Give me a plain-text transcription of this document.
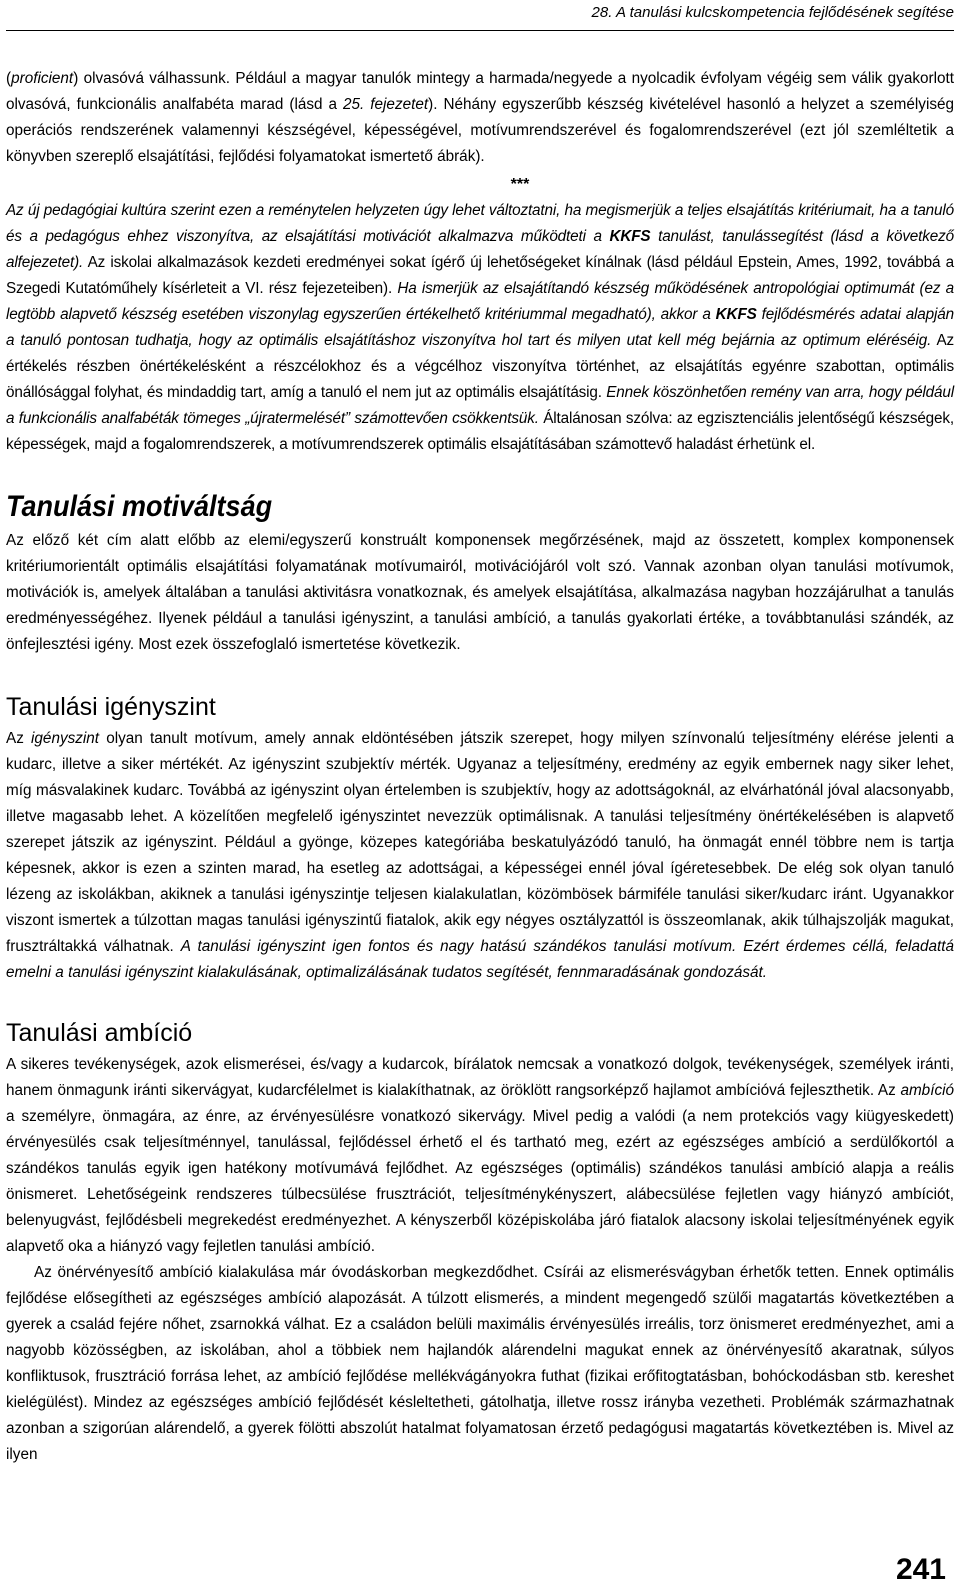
28. A tanulási kulcskompetencia fejlődésének segítése

(proficient) olvasóvá válhassunk. Például a magyar tanulók mintegy a harmada/negyede a nyolcadik évfolyam végéig sem válik gyakorlott olvasóvá, funkcionális analfabéta marad (lásd a 25. fejezetet). Néhány egyszerűbb készség kivételével hasonló a helyzet a személyiség operációs rendszerének valamennyi készségével, képességével, motívumrendszerével és fogalomrendszerével (ezt jól szemléltetik a könyvben szereplő elsajátítási, fejlődési folyamatokat ismertető ábrák).

***

Az új pedagógiai kultúra szerint ezen a reménytelen helyzeten úgy lehet változtatni, ha megismerjük a teljes elsajátítás kritériumait, ha a tanuló és a pedagógus ehhez viszonyítva, az elsajátítási motivációt alkalmazva működteti a KKFS tanulást, tanulássegítést (lásd a következő alfejezetet). Az iskolai alkalmazások kezdeti eredményei sokat ígérő új lehetőségeket kínálnak (lásd például Epstein, Ames, 1992, továbbá a Szegedi Kutatóműhely kísérleteit a VI. rész fejezeteiben). Ha ismerjük az elsajátítandó készség működésének antropológiai optimumát (ez a legtöbb alapvető készség esetében viszonylag egyszerűen értékelhető kritériummal megadható), akkor a KKFS fejlődésmérés adatai alapján a tanuló pontosan tudhatja, hogy az optimális elsajátításhoz viszonyítva hol tart és milyen utat kell még bejárnia az optimum eléréséig. Az értékelés részben önértékelésként a részcélokhoz és a végcélhoz viszonyítva történhet, az elsajátítás egyénre szabottan, optimális önállósággal folyhat, és mindaddig tart, amíg a tanuló el nem jut az optimális elsajátításig. Ennek köszönhetően remény van arra, hogy például a funkcionális analfabéták tömeges „újratermelését” számottevően csökkentsük. Általánosan szólva: az egzisztenciális jelentőségű készségek, képességek, majd a fogalomrendszerek, a motívumrendszerek optimális elsajátításában számottevő haladást érhetünk el.

Tanulási motiváltság

Az előző két cím alatt előbb az elemi/egyszerű konstruált komponensek megőrzésének, majd az összetett, komplex komponensek kritériumorientált optimális elsajátítási folyamatának motívumairól, motivációjáról volt szó. Vannak azonban olyan tanulási motívumok, motivációk is, amelyek általában a tanulási aktivitásra vonatkoznak, és amelyek elsajátítása, alkalmazása nagyban hozzájárulhat a tanulás eredményességéhez. Ilyenek például a tanulási igényszint, a tanulási ambíció, a tanulás gyakorlati értéke, a továbbtanulási szándék, az önfejlesztési igény. Most ezek összefoglaló ismertetése következik.

Tanulási igényszint

Az igényszint olyan tanult motívum, amely annak eldöntésében játszik szerepet, hogy milyen színvonalú teljesítmény elérése jelenti a kudarc, illetve a siker mértékét. Az igényszint szubjektív mérték. Ugyanaz a teljesítmény, eredmény az egyik embernek nagy siker lehet, míg másvalakinek kudarc. Továbbá az igényszint olyan értelemben is szubjektív, hogy az adottságoknál, az elvárhatónál jóval alacsonyabb, illetve magasabb lehet. A közelítően megfelelő igényszintet nevezzük optimálisnak. A tanulási teljesítmény önértékelésében is alapvető szerepet játszik az igényszint. Például a gyönge, közepes kategóriába beskatulyázódó tanuló, ha önmagát ennél többre nem is tartja képesnek, akkor is ezen a szinten marad, ha esetleg az adottságai, a képességei ennél jóval ígéretesebbek. De elég sok olyan tanuló lézeng az iskolákban, akiknek a tanulási igényszintje teljesen kialakulatlan, közömbösek bármiféle tanulási siker/kudarc iránt. Ugyanakkor viszont ismertek a túlzottan magas tanulási igényszintű fiatalok, akik egy négyes osztályzattól is összeomlanak, akik túlhajszolják magukat, frusztráltakká válhatnak. A tanulási igényszint igen fontos és nagy hatású szándékos tanulási motívum. Ezért érdemes céllá, feladattá emelni a tanulási igényszint kialakulásának, optimalizálásának tudatos segítését, fennmaradásának gondozását.

Tanulási ambíció

A sikeres tevékenységek, azok elismerései, és/vagy a kudarcok, bírálatok nemcsak a vonatkozó dolgok, tevékenységek, személyek iránti, hanem önmagunk iránti sikervágyat, kudarcfélelmet is kialakíthatnak, az öröklött rangsorképző hajlamot ambícióvá fejleszthetik. Az ambíció a személyre, önmagára, az énre, az érvényesülésre vonatkozó sikervágy. Mivel pedig a valódi (a nem protekciós vagy kiügyeskedett) érvényesülés csak teljesítménnyel, tanulással, fejlődéssel érhető el és tartható meg, ezért az egészséges ambíció a serdülőkortól a szándékos tanulás egyik igen hatékony motívumává fejlődhet. Az egészséges (optimális) szándékos tanulási ambíció alapja a reális önismeret. Lehetőségeink rendszeres túlbecsülése frusztrációt, teljesítménykényszert, alábecsülése fejletlen vagy hiányzó ambíciót, belenyugvást, fejlődésbeli megrekedést eredményezhet. A kényszerből középiskolába járó fiatalok alacsony iskolai teljesítményének egyik alapvető oka a hiányzó vagy fejletlen tanulási ambíció.

Az önérvényesítő ambíció kialakulása már óvodáskorban megkezdődhet. Csírái az elismerésvágyban érhetők tetten. Ennek optimális fejlődése elősegítheti az egészséges ambíció alapozását. A túlzott elismerés, a mindent megengedő szülői magatartás következtében a gyerek a család fejére nőhet, zsarnokká válhat. Ez a családon belüli maximális érvényesülés irreális, torz önismeret eredményezhet, ami a nagyobb közösségben, az iskolában, ahol a többiek nem hajlandók alárendelni magukat ennek az önérvényesítő akaratnak, súlyos konfliktusok, frusztráció forrása lehet, az ambíció fejlődése mellékvágányokra futhat (fizikai erőfitogtatásban, bohóckodásban stb. kereshet kielégülést). Mindez az egészséges ambíció fejlődését késleltetheti, gátolhatja, illetve rossz irányba vezetheti. Problémák származhatnak azonban a szigorúan alárendelő, a gyerek fölötti abszolút hatalmat folyamatosan érzető pedagógusi magatartás következtében is. Mivel az ilyen

241
